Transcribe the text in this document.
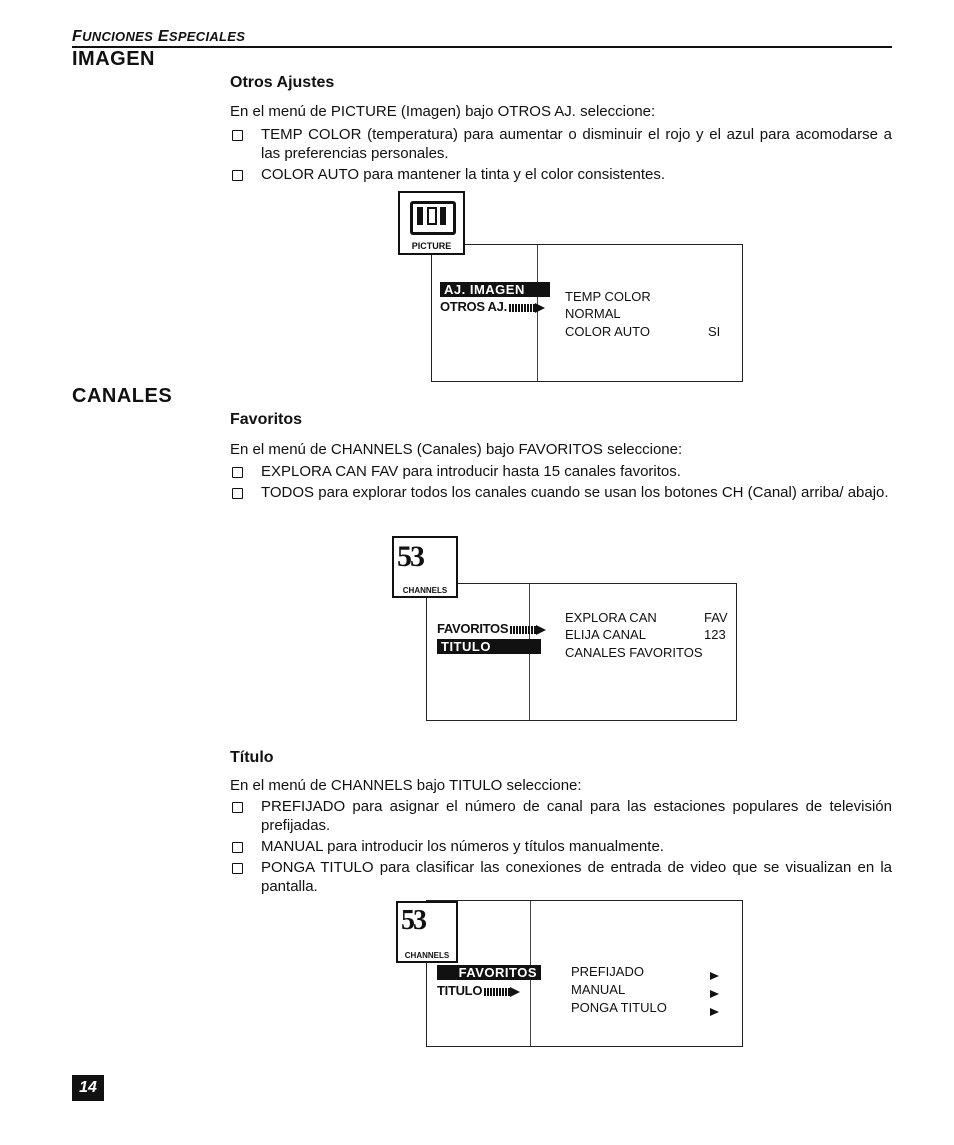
FUNCIONES ESPECIALES
IMAGEN
Otros Ajustes
En el menú de PICTURE (Imagen) bajo OTROS AJ. seleccione:
TEMP COLOR (temperatura) para aumentar o disminuir el rojo y el azul para acomodarse a las preferencias personales.
COLOR AUTO para mantener la tinta y el color consistentes.
AJ. IMAGEN
OTROS AJ.
TEMP COLOR
NORMAL
COLOR AUTO	SI
PICTURE
CANALES
Favoritos
En el menú de CHANNELS (Canales) bajo FAVORITOS seleccione:
EXPLORA CAN FAV para introducir hasta 15 canales favoritos.
TODOS para explorar todos los canales cuando se usan los botones CH (Canal) arriba/ abajo.
FAVORITOS
TITULO
EXPLORA CAN	FAV
ELIJA CANAL	123
CANALES FAVORITOS
53
CHANNELS
Título
En el menú de CHANNELS bajo TITULO seleccione:
PREFIJADO para asignar el número de canal para las estaciones populares de televisión prefijadas.
MANUAL para introducir los números y títulos manualmente.
PONGA TITULO para clasificar las conexiones de entrada de video que se visualizan en la pantalla.
FAVORITOS
TITULO
PREFIJADO
MANUAL
PONGA TITULO
53
CHANNELS
14
